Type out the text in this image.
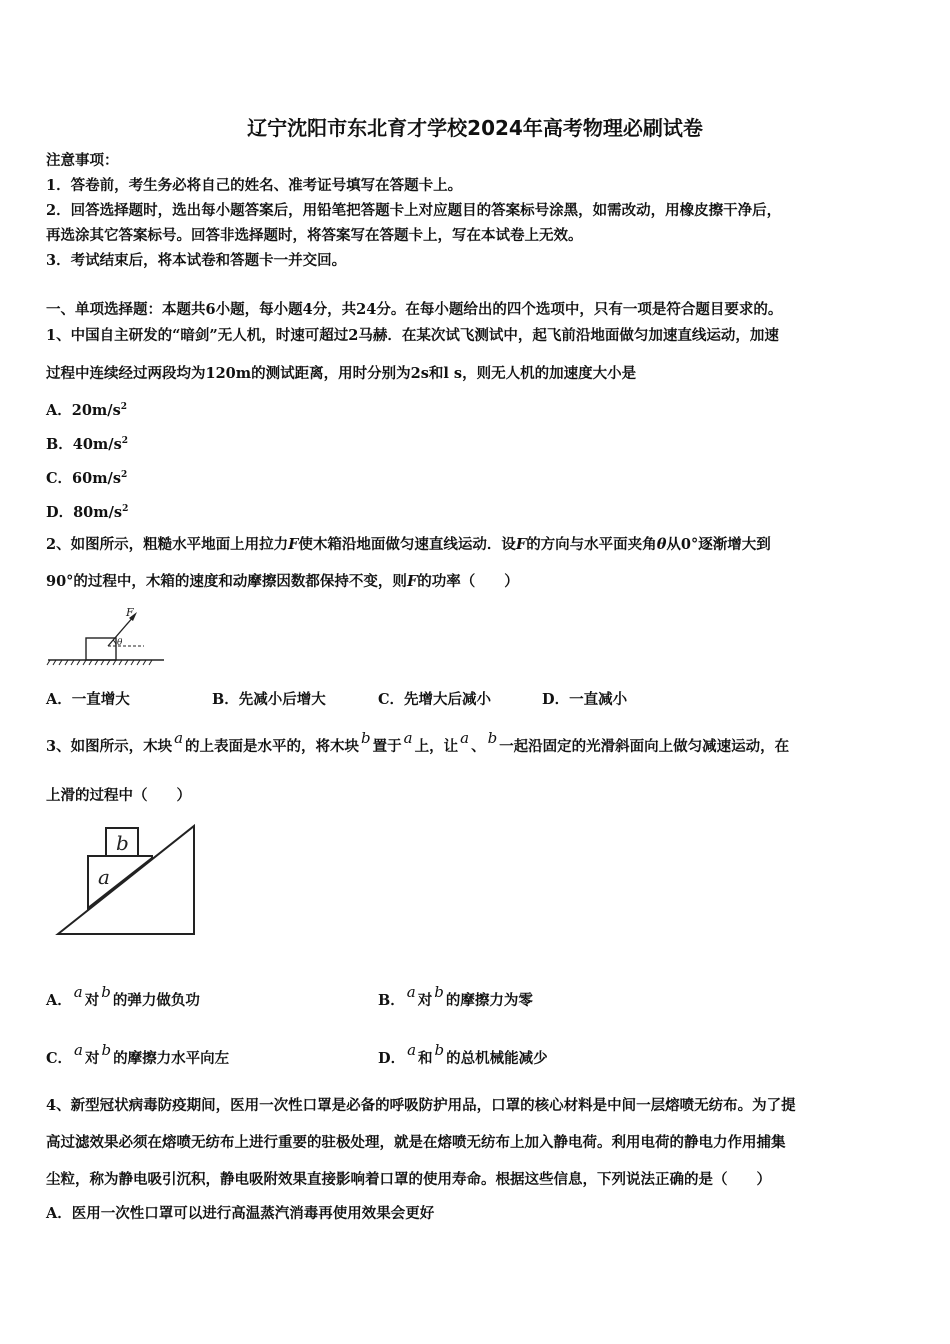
辽宁沈阳市东北育才学校2024年高考物理必刷试卷
注意事项：
1．答卷前，考生务必将自己的姓名、准考证号填写在答题卡上。
2．回答选择题时，选出每小题答案后，用铅笔把答题卡上对应题目的答案标号涂黑，如需改动，用橡皮擦干净后，
再选涂其它答案标号。回答非选择题时，将答案写在答题卡上，写在本试卷上无效。
3．考试结束后，将本试卷和答题卡一并交回。
一、单项选择题：本题共6小题，每小题4分，共24分。在每小题给出的四个选项中，只有一项是符合题目要求的。
1、中国自主研发的“暗剑”无人机，时速可超过2马赫．在某次试飞测试中，起飞前沿地面做匀加速直线运动，加速
过程中连续经过两段均为120m的测试距离，用时分别为2s和l s，则无人机的加速度大小是
A．$20m/s^2$
B．$40m/s^2$
C．$60m/s^2$
D．$80m/s^2$
2、如图所示，粗糙水平地面上用拉力F使木箱沿地面做匀速直线运动．设F的方向与水平面夹角θ从0°逐渐增大到
90°的过程中，木箱的速度和动摩擦因数都保持不变，则F的功率（　　）
F
θ
A．一直增大	B．先减小后增大	C．先增大后减小	D．一直减小
3、如图所示，木块 a 的上表面是水平的，将木块 b 置于 a 上，让 a 、 b 一起沿固定的光滑斜面向上做匀减速运动，在
上滑的过程中（　　）
b
a
A． a 对 b 的弹力做负功	B． a 对 b 的摩擦力为零
C． a 对 b 的摩擦力水平向左	D． a 和 b 的总机械能减少
4、新型冠状病毒防疫期间，医用一次性口罩是必备的呼吸防护用品，口罩的核心材料是中间一层熔喷无纺布。为了提
高过滤效果必须在熔喷无纺布上进行重要的驻极处理，就是在熔喷无纺布上加入静电荷。利用电荷的静电力作用捕集
尘粒，称为静电吸引沉积，静电吸附效果直接影响着口罩的使用寿命。根据这些信息，下列说法正确的是（　　）
A．医用一次性口罩可以进行高温蒸汽消毒再使用效果会更好
